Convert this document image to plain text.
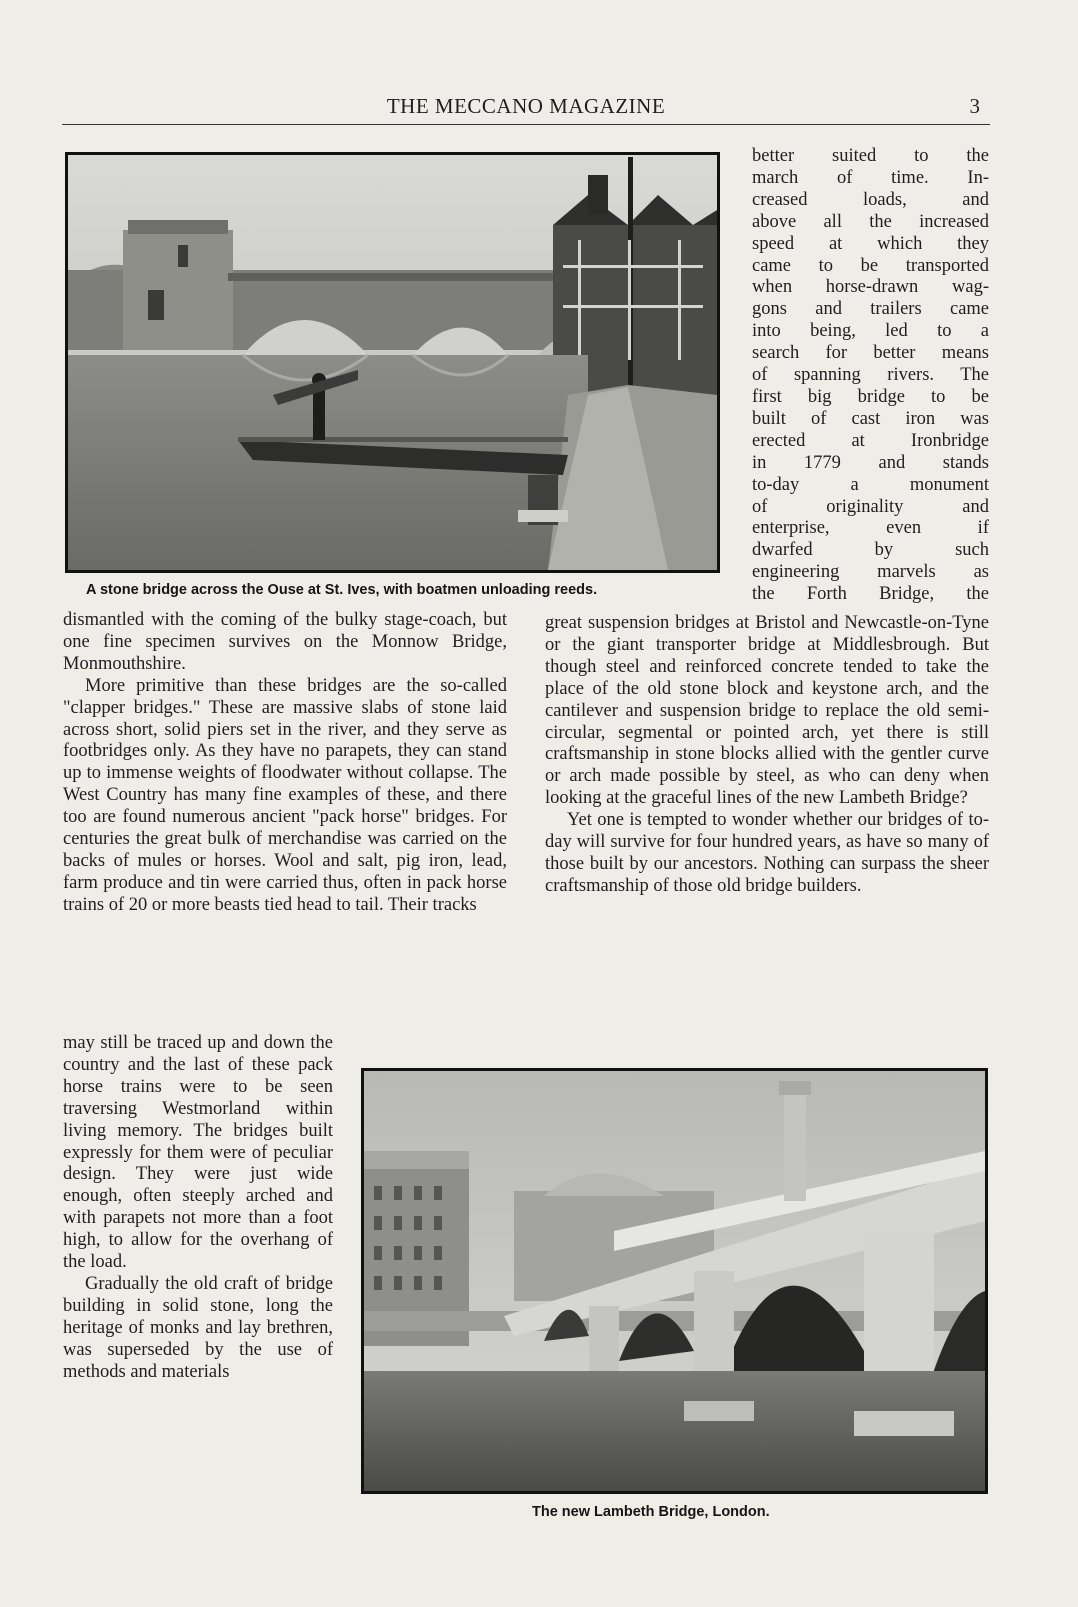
THE MECCANO MAGAZINE	3
better suited to the
march of time. In-
creased loads, and
above all the increased
speed at which they
came to be transported
when horse-drawn wag-
gons and trailers came
into being, led to a
search for better means
of spanning rivers. The
first big bridge to be
built of cast iron was
erected at Ironbridge
in 1779 and stands
to-day a monument
of originality and
enterprise, even if
dwarfed by such
engineering marvels as
the Forth Bridge, the
A stone bridge across the Ouse at St. Ives, with boatmen unloading reeds.

dismantled with the coming of the bulky stage-coach, but one fine specimen survives on the Monnow Bridge, Monmouthshire.

More primitive than these bridges are the so-called "clapper bridges." These are massive slabs of stone laid across short, solid piers set in the river, and they serve as footbridges only. As they have no parapets, they can stand up to immense weights of floodwater without collapse. The West Country has many fine examples of these, and there too are found numerous ancient "pack horse" bridges. For centuries the great bulk of merchandise was carried on the backs of mules or horses. Wool and salt, pig iron, lead, farm produce and tin were carried thus, often in pack horse trains of 20 or more beasts tied head to tail. Their tracks

great suspension bridges at Bristol and Newcastle-on-Tyne or the giant transporter bridge at Middlesbrough. But though steel and reinforced concrete tended to take the place of the old stone block and keystone arch, and the cantilever and suspension bridge to replace the old semi-circular, segmental or pointed arch, yet there is still craftsmanship in stone blocks allied with the gentler curve or arch made possible by steel, as who can deny when looking at the graceful lines of the new Lambeth Bridge?

Yet one is tempted to wonder whether our bridges of to-day will survive for four hundred years, as have so many of those built by our ancestors. Nothing can surpass the sheer craftsmanship of those old bridge builders.

may still be traced up and down the country and the last of these pack horse trains were to be seen traversing Westmorland within living memory. The bridges built expressly for them were of peculiar design. They were just wide enough, often steeply arched and with parapets not more than a foot high, to allow for the overhang of the load.

Gradually the old craft of bridge building in solid stone, long the heritage of monks and lay brethren, was superseded by the use of methods and materials

The new Lambeth Bridge, London.
